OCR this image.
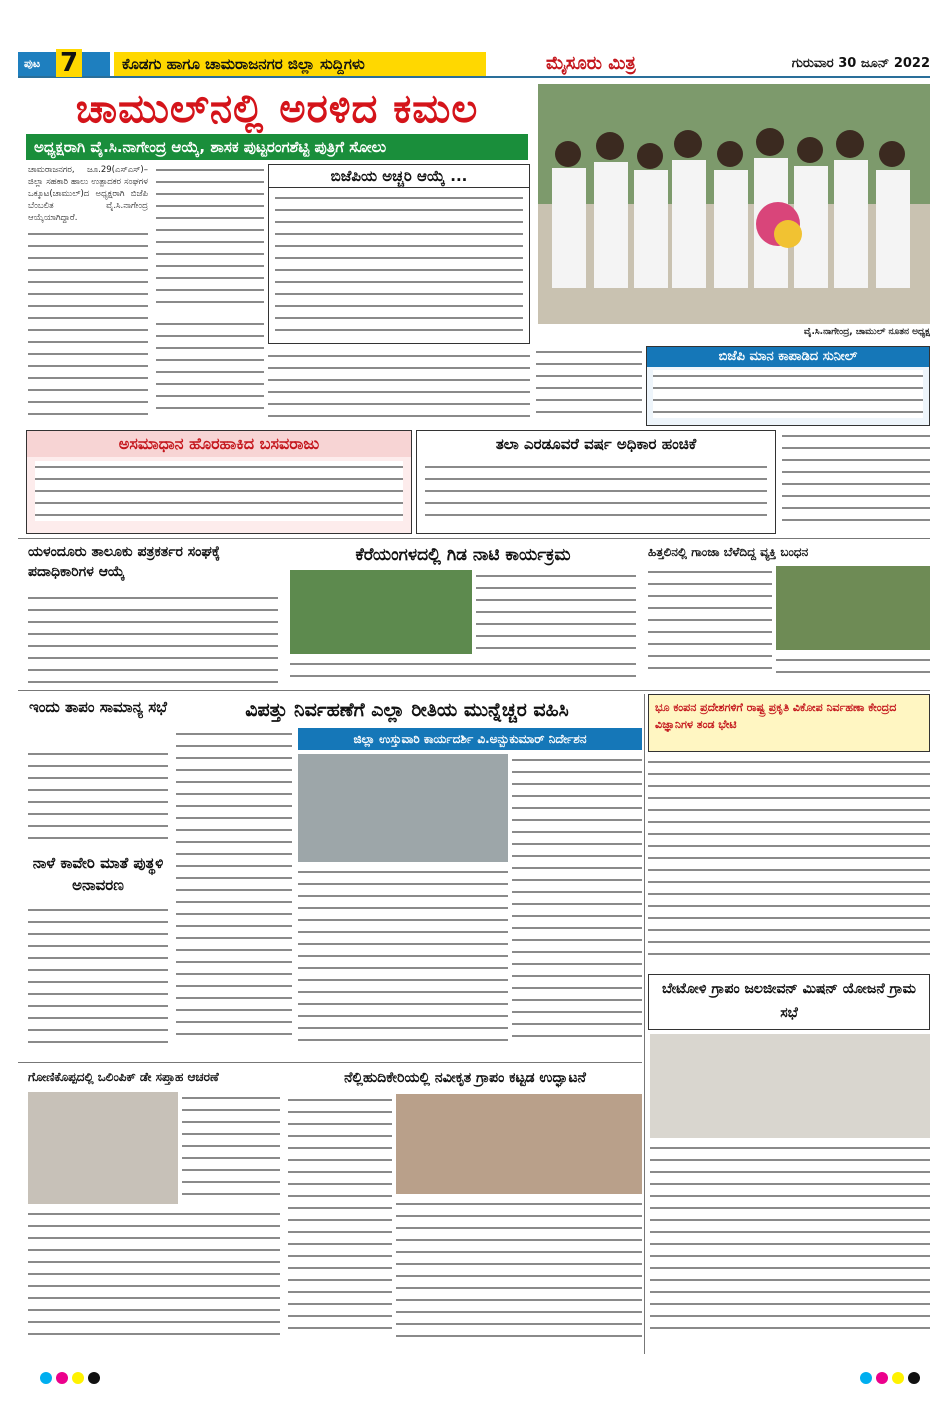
ಪುಟ 7	ಕೊಡಗು ಹಾಗೂ ಚಾಮರಾಜನಗರ ಜಿಲ್ಲಾ ಸುದ್ದಿಗಳು	ಮೈಸೂರು ಮಿತ್ರ	ಗುರುವಾರ 30 ಜೂನ್ 2022
ಚಾಮುಲ್‌ನಲ್ಲಿ ಅರಳಿದ ಕಮಲ
ಅಧ್ಯಕ್ಷರಾಗಿ ವೈ.ಸಿ.ನಾಗೇಂದ್ರ ಆಯ್ಕೆ, ಶಾಸಕ ಪುಟ್ಟರಂಗಶೆಟ್ಟಿ ಪುತ್ರಿಗೆ ಸೋಲು
ವೈ.ಸಿ.ನಾಗೇಂದ್ರ, ಚಾಮುಲ್ ನೂತನ ಅಧ್ಯಕ್ಷ
ಚಾಮರಾಜನಗರ, ಜೂ.29(ಎಸ್‌ಎಸ್)– ಜಿಲ್ಲಾ ಸಹಕಾರಿ ಹಾಲು ಉತ್ಪಾದಕರ ಸಂಘಗಳ ಒಕ್ಕೂಟ(ಚಾಮುಲ್)ದ ಅಧ್ಯಕ್ಷರಾಗಿ ಬಿಜೆಪಿ ಬೆಂಬಲಿತ ವೈ.ಸಿ.ನಾಗೇಂದ್ರ ಆಯ್ಕೆಯಾಗಿದ್ದಾರೆ.
ಬಿಜೆಪಿಯ ಅಚ್ಚರಿ ಆಯ್ಕೆ ...
ಬಿಜೆಪಿ ಮಾನ ಕಾಪಾಡಿದ ಸುನೀಲ್
ಅಸಮಾಧಾನ ಹೊರಹಾಕಿದ ಬಸವರಾಜು	ತಲಾ ಎರಡೂವರೆ ವರ್ಷ ಅಧಿಕಾರ ಹಂಚಿಕೆ
ಯಳಂದೂರು ತಾಲೂಕು ಪತ್ರಕರ್ತರ ಸಂಘಕ್ಕೆ ಪದಾಧಿಕಾರಿಗಳ ಆಯ್ಕೆ
ಕೆರೆಯಂಗಳದಲ್ಲಿ ಗಿಡ ನಾಟಿ ಕಾರ್ಯಕ್ರಮ	ಹಿತ್ತಲಿನಲ್ಲಿ ಗಾಂಜಾ ಬೆಳೆದಿದ್ದ ವ್ಯಕ್ತಿ ಬಂಧನ
ಇಂದು ತಾಪಂ ಸಾಮಾನ್ಯ ಸಭೆ
ನಾಳೆ ಕಾವೇರಿ ಮಾತೆ ಪುತ್ಥಳಿ ಅನಾವರಣ
ವಿಪತ್ತು ನಿರ್ವಹಣೆಗೆ ಎಲ್ಲಾ ರೀತಿಯ ಮುನ್ನೆಚ್ಚರ ವಹಿಸಿ
ಜಿಲ್ಲಾ ಉಸ್ತುವಾರಿ ಕಾರ್ಯದರ್ಶಿ ವಿ.ಅನ್ಬುಕುಮಾರ್ ನಿರ್ದೇಶನ
ಭೂ ಕಂಪನ ಪ್ರದೇಶಗಳಿಗೆ ರಾಷ್ಟ್ರ ಪ್ರಕೃತಿ ವಿಕೋಪ ನಿರ್ವಹಣಾ ಕೇಂದ್ರದ ವಿಜ್ಞಾನಿಗಳ ತಂಡ ಭೇಟಿ
ಬೇಟೋಳಿ ಗ್ರಾಪಂ ಜಲಜೀವನ್ ಮಿಷನ್ ಯೋಜನೆ ಗ್ರಾಮ ಸಭೆ
ಗೋಣಿಕೊಪ್ಪದಲ್ಲಿ ಒಲಿಂಪಿಕ್ ಡೇ ಸಪ್ತಾಹ ಆಚರಣೆ	ನೆಲ್ಲಿಹುದಿಕೇರಿಯಲ್ಲಿ ನವೀಕೃತ ಗ್ರಾಪಂ ಕಟ್ಟಡ ಉದ್ಘಾಟನೆ
